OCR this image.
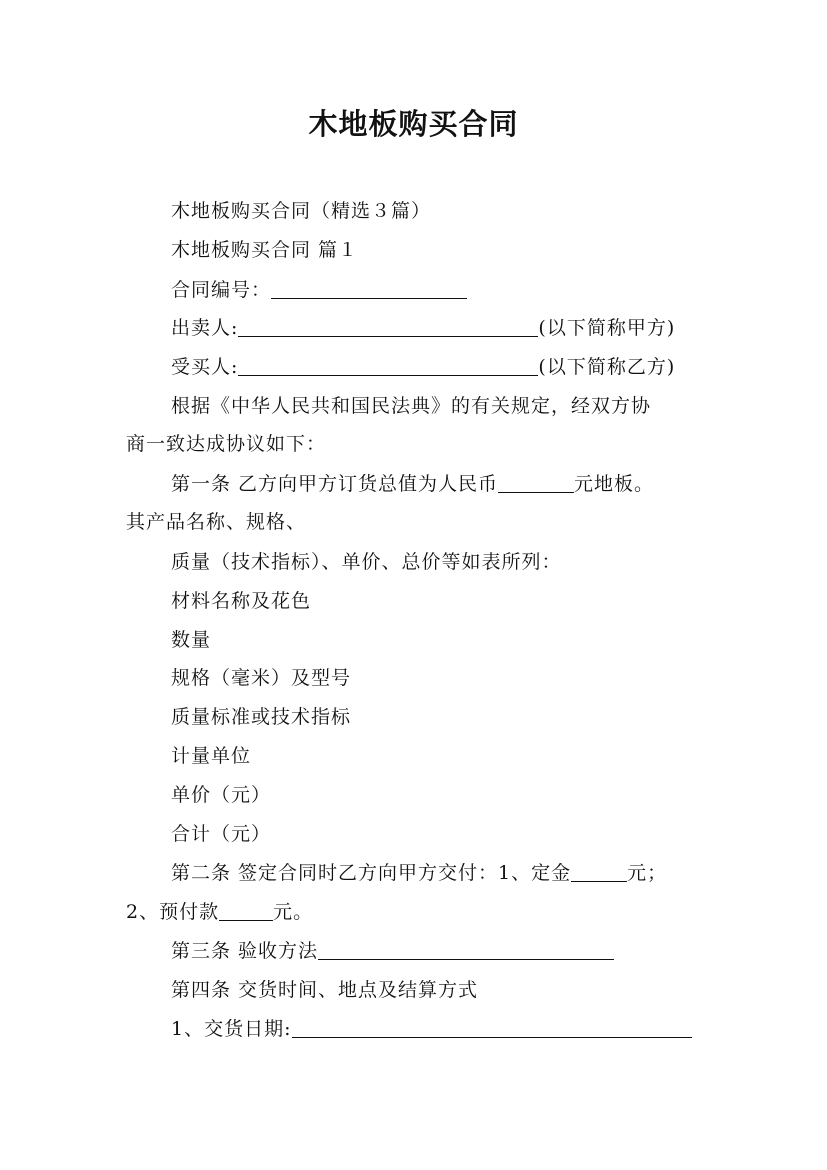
木地板购买合同
木地板购买合同（精选３篇）
木地板购买合同 篇１
合同编号：
出卖人:	(以下简称甲方)
受买人:	(以下简称乙方)
根据《中华人民共和国民法典》的有关规定，经双方协
商一致达成协议如下：
第一条 乙方向甲方订货总值为人民币	元地板。
其产品名称、规格、
质量（技术指标）、单价、总价等如表所列：
材料名称及花色
数量
规格（毫米）及型号
质量标准或技术指标
计量单位
单价（元）
合计（元）
第二条 签定合同时乙方向甲方交付：1、定金	元；
2、预付款	元。
第三条 验收方法
第四条 交货时间、地点及结算方式
1、交货日期:
